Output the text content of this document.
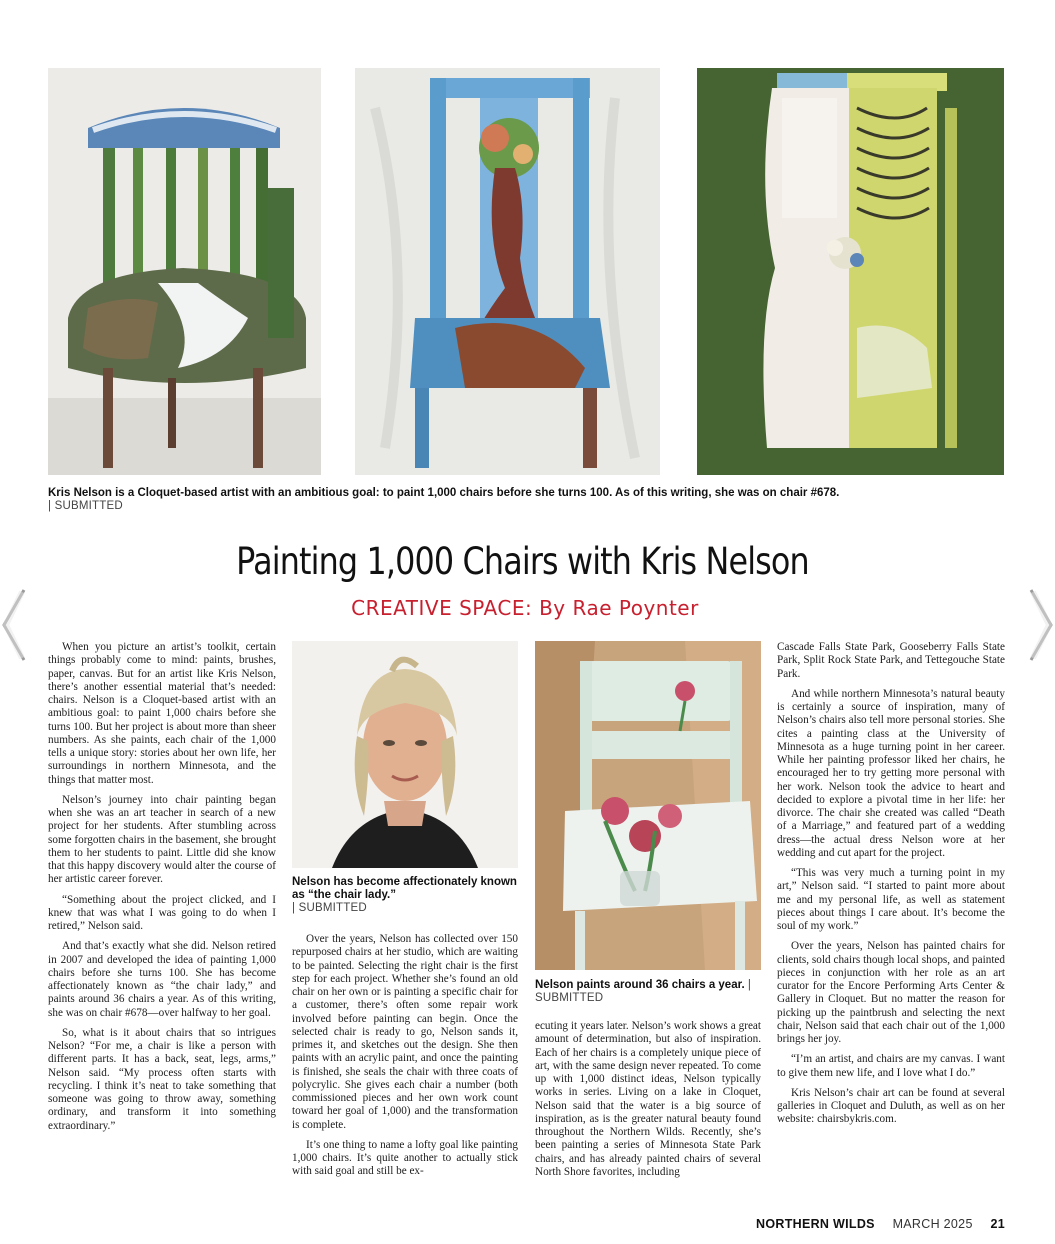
Kris Nelson is a Cloquet-based artist with an ambitious goal: to paint 1,000 chairs before she turns 100. As of this writing, she was on chair #678.
| SUBMITTED
Painting 1,000 Chairs with Kris Nelson
CREATIVE SPACE: By Rae Poynter

When you picture an artist’s toolkit, certain things probably come to mind: paints, brushes, paper, canvas. But for an artist like Kris Nelson, there’s another essential material that’s needed: chairs. Nelson is a Cloquet-based artist with an ambitious goal: to paint 1,000 chairs before she turns 100. But her project is about more than sheer numbers. As she paints, each chair of the 1,000 tells a unique story: stories about her own life, her surroundings in northern Minnesota, and the things that matter most.

Nelson’s journey into chair painting began when she was an art teacher in search of a new project for her students. After stumbling across some forgotten chairs in the basement, she brought them to her students to paint. Little did she know that this happy discovery would alter the course of her artistic career forever.

“Something about the project clicked, and I knew that was what I was going to do when I retired,” Nelson said.

And that’s exactly what she did. Nelson retired in 2007 and developed the idea of painting 1,000 chairs before she turns 100. She has become affectionately known as “the chair lady,” and paints around 36 chairs a year. As of this writing, she was on chair #678—over halfway to her goal.

So, what is it about chairs that so intrigues Nelson? “For me, a chair is like a person with different parts. It has a back, seat, legs, arms,” Nelson said. “My process often starts with recycling. I think it’s neat to take something that someone was going to throw away, something ordinary, and transform it into something extraordinary.”

Nelson has become affectionately known as “the chair lady.”
| SUBMITTED

Over the years, Nelson has collected over 150 repurposed chairs at her studio, which are waiting to be painted. Selecting the right chair is the first step for each project. Whether she’s found an old chair on her own or is painting a specific chair for a customer, there’s often some repair work involved before painting can begin. Once the selected chair is ready to go, Nelson sands it, primes it, and sketches out the design. She then paints with an acrylic paint, and once the painting is finished, she seals the chair with three coats of polycrylic. She gives each chair a number (both commissioned pieces and her own work count toward her goal of 1,000) and the transformation is complete.

It’s one thing to name a lofty goal like painting 1,000 chairs. It’s quite another to actually stick with said goal and still be ex-

Nelson paints around 36 chairs a year. | SUBMITTED

ecuting it years later. Nelson’s work shows a great amount of determination, but also of inspiration. Each of her chairs is a completely unique piece of art, with the same design never repeated. To come up with 1,000 distinct ideas, Nelson typically works in series. Living on a lake in Cloquet, Nelson said that the water is a big source of inspiration, as is the greater natural beauty found throughout the Northern Wilds. Recently, she’s been painting a series of Minnesota State Park chairs, and has already painted chairs of several North Shore favorites, including

Cascade Falls State Park, Gooseberry Falls State Park, Split Rock State Park, and Tettegouche State Park.

And while northern Minnesota’s natural beauty is certainly a source of inspiration, many of Nelson’s chairs also tell more personal stories. She cites a painting class at the University of Minnesota as a huge turning point in her career. While her painting professor liked her chairs, he encouraged her to try getting more personal with her work. Nelson took the advice to heart and decided to explore a pivotal time in her life: her divorce. The chair she created was called “Death of a Marriage,” and featured part of a wedding dress—the actual dress Nelson wore at her wedding and cut apart for the project.

“This was very much a turning point in my art,” Nelson said. “I started to paint more about me and my personal life, as well as statement pieces about things I care about. It’s become the soul of my work.”

Over the years, Nelson has painted chairs for clients, sold chairs though local shops, and painted pieces in conjunction with her role as an art curator for the Encore Performing Arts Center & Gallery in Cloquet. But no matter the reason for picking up the paintbrush and selecting the next chair, Nelson said that each chair out of the 1,000 brings her joy.

“I’m an artist, and chairs are my canvas. I want to give them new life, and I love what I do.”

Kris Nelson’s chair art can be found at several galleries in Cloquet and Duluth, as well as on her website: chairsbykris.com.

NORTHERN WILDS MARCH 2025 21
